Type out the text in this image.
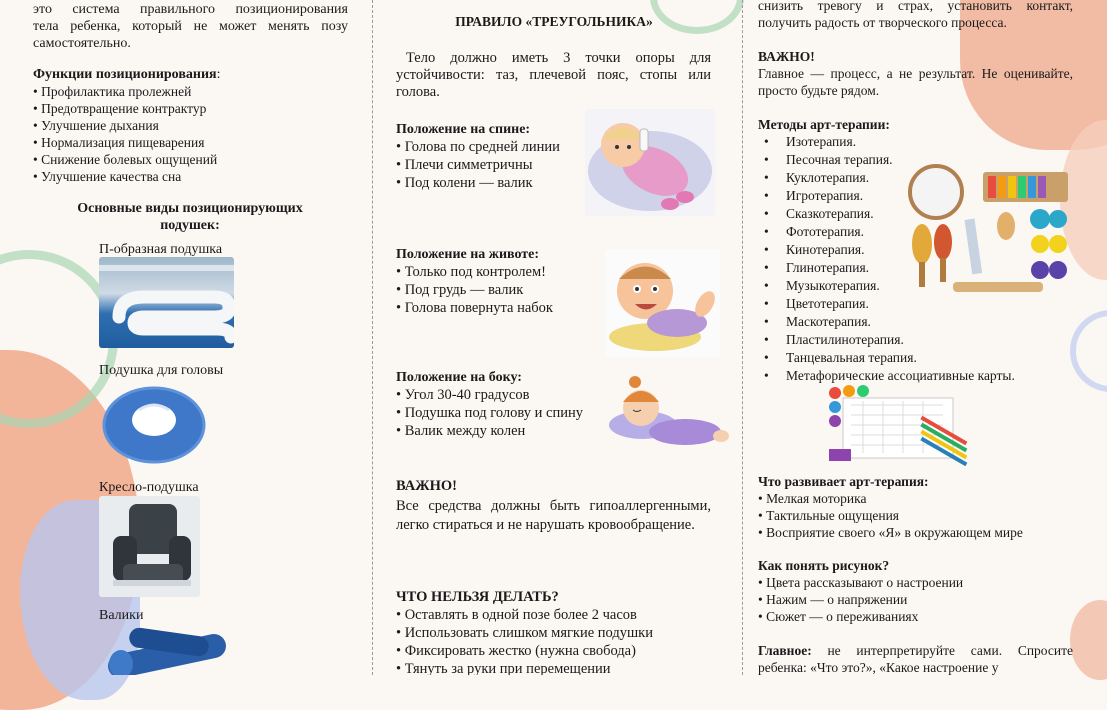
это система правильного позиционирования
тела ребенка, который не может менять позу
самостоятельно.
Функции позиционирования:
• Профилактика пролежней
• Предотвращение контрактур
• Улучшение дыхания
• Нормализация пищеварения
• Снижение болевых ощущений
• Улучшение качества сна
Основные виды позиционирующих
подушек:
П-образная подушка
Подушка для головы
Кресло-подушка
Валики
ПРАВИЛО «ТРЕУГОЛЬНИКА»
Тело должно иметь 3 точки опоры для устойчивости: таз, плечевой пояс, стопы или голова.
Положение на спине:
• Голова по средней линии
• Плечи симметричны
• Под колени — валик
Положение на животе:
• Только под контролем!
• Под грудь — валик
• Голова повернута набок
Положение на боку:
• Угол 30-40 градусов
• Подушка под голову и спину
• Валик между колен
ВАЖНО!
Все средства должны быть гипоаллергенными, легко стираться и не нарушать кровообращение.
ЧТО НЕЛЬЗЯ ДЕЛАТЬ?
• Оставлять в одной позе более 2 часов
• Использовать слишком мягкие подушки
• Фиксировать жестко (нужна свобода)
• Тянуть за руки при перемещении
снизить тревогу и страх, установить контакт, получить радость от творческого процесса.
ВАЖНО!
Главное — процесс, а не результат. Не оценивайте, просто будьте рядом.
Методы арт-терапии:
• Изотерапия.
• Песочная терапия.
• Куклотерапия.
• Игротерапия.
• Сказкотерапия.
• Фототерапия.
• Кинотерапия.
• Глинотерапия.
• Музыкотерапия.
• Цветотерапия.
• Маскотерапия.
• Пластилинотерапия.
• Танцевальная терапия.
• Метафорические ассоциативные карты.
Что развивает арт-терапия:
• Мелкая моторика
• Тактильные ощущения
• Восприятие своего «Я» в окружающем мире
Как понять рисунок?
• Цвета рассказывают о настроении
• Нажим — о напряжении
• Сюжет — о переживаниях
Главное: не интерпретируйте сами. Спросите ребенка: «Что это?», «Какое настроение у
